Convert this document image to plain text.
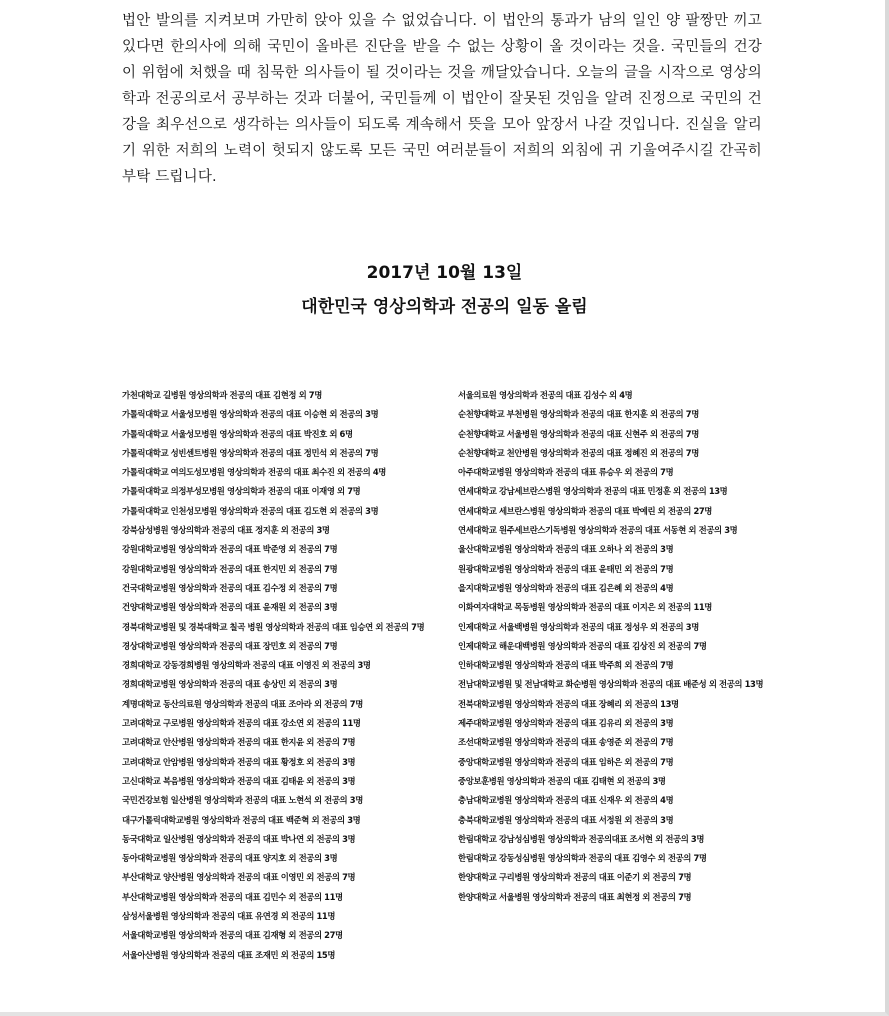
법안 발의를 지켜보며 가만히 앉아 있을 수 없었습니다. 이 법안의 통과가 남의 일인 양 팔짱만 끼고 있다면 한의사에 의해 국민이 올바른 진단을 받을 수 없는 상황이 올 것이라는 것을. 국민들의 건강이 위험에 처했을 때 침묵한 의사들이 될 것이라는 것을 깨달았습니다. 오늘의 글을 시작으로 영상의학과 전공의로서 공부하는 것과 더불어, 국민들께 이 법안이 잘못된 것임을 알려 진정으로 국민의 건강을 최우선으로 생각하는 의사들이 되도록 계속해서 뜻을 모아 앞장서 나갈 것입니다. 진실을 알리기 위한 저희의 노력이 헛되지 않도록 모든 국민 여러분들이 저희의 외침에 귀 기울여주시길 간곡히 부탁 드립니다.

2017년 10월 13일

대한민국 영상의학과 전공의 일동 올림

가천대학교 길병원 영상의학과 전공의 대표 김현정 외 7명
가톨릭대학교 서울성모병원 영상의학과 전공의 대표 이승현 외 전공의 3명
가톨릭대학교 서울성모병원 영상의학과 전공의 대표 박진호 외 6명
가톨릭대학교 성빈센트병원 영상의학과 전공의 대표 정민석 외 전공의 7명
가톨릭대학교 여의도성모병원 영상의학과 전공의 대표 최수진 외 전공의 4명
가톨릭대학교 의정부성모병원 영상의학과 전공의 대표 이재영 외 7명
가톨릭대학교 인천성모병원 영상의학과 전공의 대표 김도현 외 전공의 3명
강북삼성병원 영상의학과 전공의 대표 정지훈 외 전공의 3명
강원대학교병원 영상의학과 전공의 대표 박준영 외 전공의 7명
강원대학교병원 영상의학과 전공의 대표 한지민 외 전공의 7명
건국대학교병원 영상의학과 전공의 대표 김수정 외 전공의 7명
건양대학교병원 영상의학과 전공의 대표 윤재원 외 전공의 3명
경북대학교병원 및 경북대학교 칠곡 병원 영상의학과 전공의 대표 임승연 외 전공의 7명
경상대학교병원 영상의학과 전공의 대표 장민호 외 전공의 7명
경희대학교 강동경희병원 영상의학과 전공의 대표 이영진 외 전공의 3명
경희대학교병원 영상의학과 전공의 대표 송상민 외 전공의 3명
계명대학교 동산의료원 영상의학과 전공의 대표 조아라 외 전공의 7명
고려대학교 구로병원 영상의학과 전공의 대표 강소연 외 전공의 11명
고려대학교 안산병원 영상의학과 전공의 대표 한지윤 외 전공의 7명
고려대학교 안암병원 영상의학과 전공의 대표 황정호 외 전공의 3명
고신대학교 복음병원 영상의학과 전공의 대표 김태윤 외 전공의 3명
국민건강보험 일산병원 영상의학과 전공의 대표 노현석 외 전공의 3명
대구가톨릭대학교병원 영상의학과 전공의 대표 백준혁 외 전공의 3명
동국대학교 일산병원 영상의학과 전공의 대표 박나연 외 전공의 3명
동아대학교병원 영상의학과 전공의 대표 양지호 외 전공의 3명
부산대학교 양산병원 영상의학과 전공의 대표 이영민 외 전공의 7명
부산대학교병원 영상의학과 전공의 대표 김민수 외 전공의 11명
삼성서울병원 영상의학과 전공의 대표 유연경 외 전공의 11명
서울대학교병원 영상의학과 전공의 대표 김재형 외 전공의 27명
서울아산병원 영상의학과 전공의 대표 조재민 외 전공의 15명
서울의료원 영상의학과 전공의 대표 김성수 외 4명
순천향대학교 부천병원 영상의학과 전공의 대표 한지훈 외 전공의 7명
순천향대학교 서울병원 영상의학과 전공의 대표 신현주 외 전공의 7명
순천향대학교 천안병원 영상의학과 전공의 대표 정혜진 외 전공의 7명
아주대학교병원 영상의학과 전공의 대표 류승우 외 전공의 7명
연세대학교 강남세브란스병원 영상의학과 전공의 대표 민정훈 외 전공의 13명
연세대학교 세브란스병원 영상의학과 전공의 대표 박예린 외 전공의 27명
연세대학교 원주세브란스기독병원 영상의학과 전공의 대표 서동현 외 전공의 3명
울산대학교병원 영상의학과 전공의 대표 오하나 외 전공의 3명
원광대학교병원 영상의학과 전공의 대표 윤태민 외 전공의 7명
을지대학교병원 영상의학과 전공의 대표 김은혜 외 전공의 4명
이화여자대학교 목동병원 영상의학과 전공의 대표 이지은 외 전공의 11명
인제대학교 서울백병원 영상의학과 전공의 대표 정성우 외 전공의 3명
인제대학교 해운대백병원 영상의학과 전공의 대표 김상진 외 전공의 7명
인하대학교병원 영상의학과 전공의 대표 박주희 외 전공의 7명
전남대학교병원 및 전남대학교 화순병원 영상의학과 전공의 대표 배준성 외 전공의 13명
전북대학교병원 영상의학과 전공의 대표 장혜리 외 전공의 13명
제주대학교병원 영상의학과 전공의 대표 김유리 외 전공의 3명
조선대학교병원 영상의학과 전공의 대표 송영준 외 전공의 7명
중앙대학교병원 영상의학과 전공의 대표 임하은 외 전공의 7명
중앙보훈병원 영상의학과 전공의 대표 김태현 외 전공의 3명
충남대학교병원 영상의학과 전공의 대표 신재우 외 전공의 4명
충북대학교병원 영상의학과 전공의 대표 서정원 외 전공의 3명
한림대학교 강남성심병원 영상의학과 전공의대표 조서현 외 전공의 3명
한림대학교 강동성심병원 영상의학과 전공의 대표 김영수 외 전공의 7명
한양대학교 구리병원 영상의학과 전공의 대표 이준기 외 전공의 7명
한양대학교 서울병원 영상의학과 전공의 대표 최현정 외 전공의 7명
